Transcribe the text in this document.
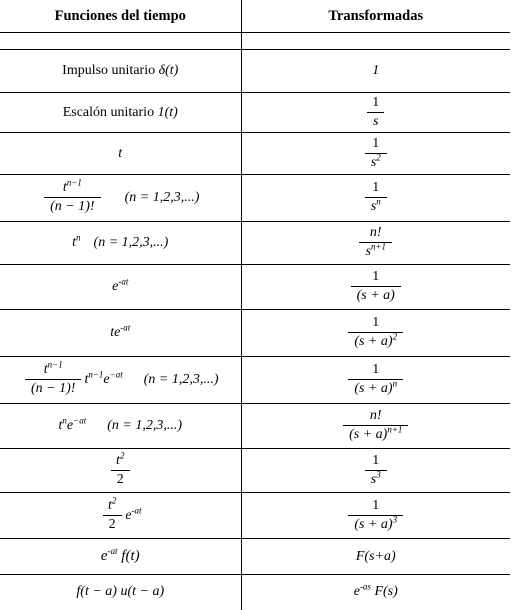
Funciones del tiempo	Transformadas

Impulso unitario δ(t)	1
Escalón unitario 1(t)	$\frac{1}{s}$

t	$\frac{1}{s^2}$

$\frac{t^{n-1}}{(n - 1)!} (n = 1,2,3,...)$	$\frac{1}{s^n}$

$t^n$ (n = 1,2,3,...)	$\frac{n!}{s^{n+1}}$

$e^{-at}$	$\frac{1}{(s + a)}$

$te^{-at}$	$\frac{1}{(s + a)^2}$

$\frac{t^{n-1}}{(n - 1)!} t^{n-1}e^{-at}$ (n = 1,2,3,...)	$\frac{1}{(s + a)^n}$

$t^ne^{-at}$ (n = 1,2,3,...)	$\frac{n!}{(s + a)^{n+1}}$

$\frac{t^2}{2}$	$\frac{1}{s^3}$

$\frac{t^2}{2} e^{-at}$	$\frac{1}{(s + a)^3}$

$e^{-at}$ f(t)	F(s+a)
f(t − a) u(t − a)	$e^{-as}$ F(s)
